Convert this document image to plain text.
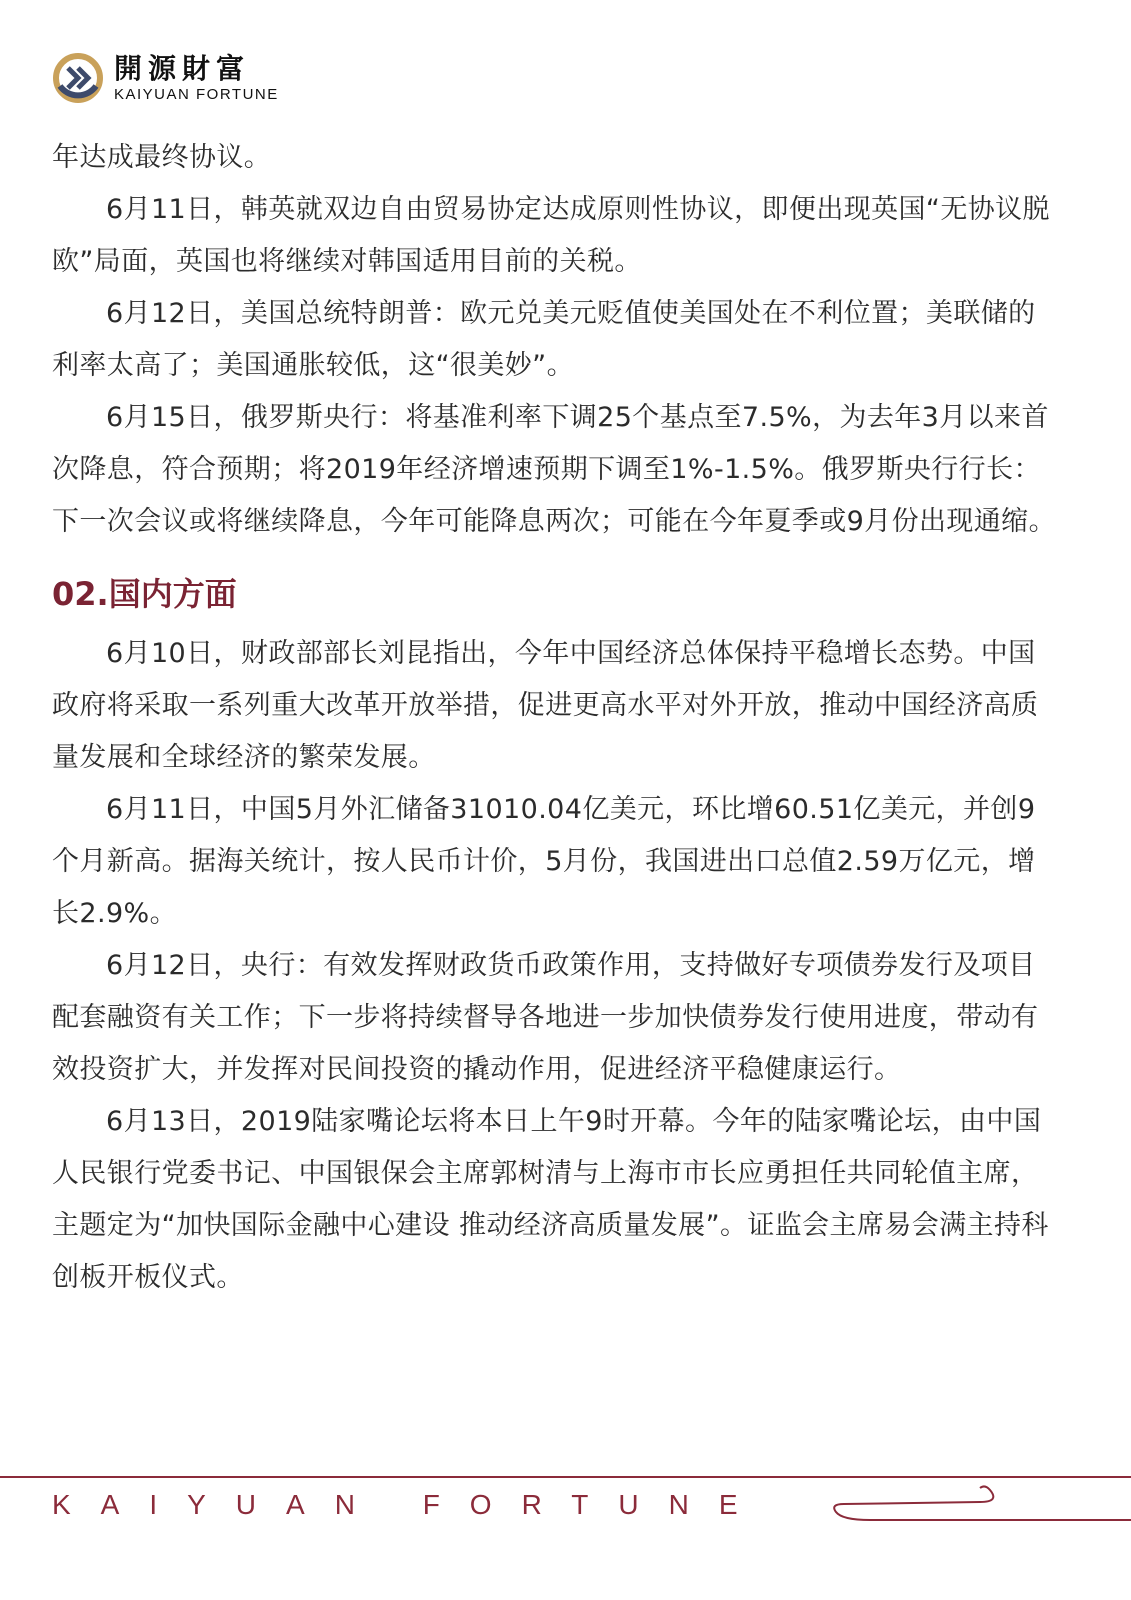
開源財富
KAIYUAN FORTUNE

年达成最终协议。

6月11日，韩英就双边自由贸易协定达成原则性协议，即便出现英国“无协议脱欧”局面，英国也将继续对韩国适用目前的关税。

6月12日，美国总统特朗普：欧元兑美元贬值使美国处在不利位置；美联储的利率太高了；美国通胀较低，这“很美妙”。

6月15日，俄罗斯央行：将基准利率下调25个基点至7.5%，为去年3月以来首次降息，符合预期；将2019年经济增速预期下调至1%-1.5%。俄罗斯央行行长：下一次会议或将继续降息，今年可能降息两次；可能在今年夏季或9月份出现通缩。

02.国内方面

6月10日，财政部部长刘昆指出，今年中国经济总体保持平稳增长态势。中国政府将采取一系列重大改革开放举措，促进更高水平对外开放，推动中国经济高质量发展和全球经济的繁荣发展。

6月11日，中国5月外汇储备31010.04亿美元，环比增60.51亿美元，并创9个月新高。据海关统计，按人民币计价，5月份，我国进出口总值2.59万亿元，增长2.9%。

6月12日，央行：有效发挥财政货币政策作用，支持做好专项债券发行及项目配套融资有关工作；下一步将持续督导各地进一步加快债券发行使用进度，带动有效投资扩大，并发挥对民间投资的撬动作用，促进经济平稳健康运行。

6月13日，2019陆家嘴论坛将本日上午9时开幕。今年的陆家嘴论坛，由中国人民银行党委书记、中国银保会主席郭树清与上海市市长应勇担任共同轮值主席，主题定为“加快国际金融中心建设 推动经济高质量发展”。证监会主席易会满主持科创板开板仪式。

KAIYUAN FORTUNE
